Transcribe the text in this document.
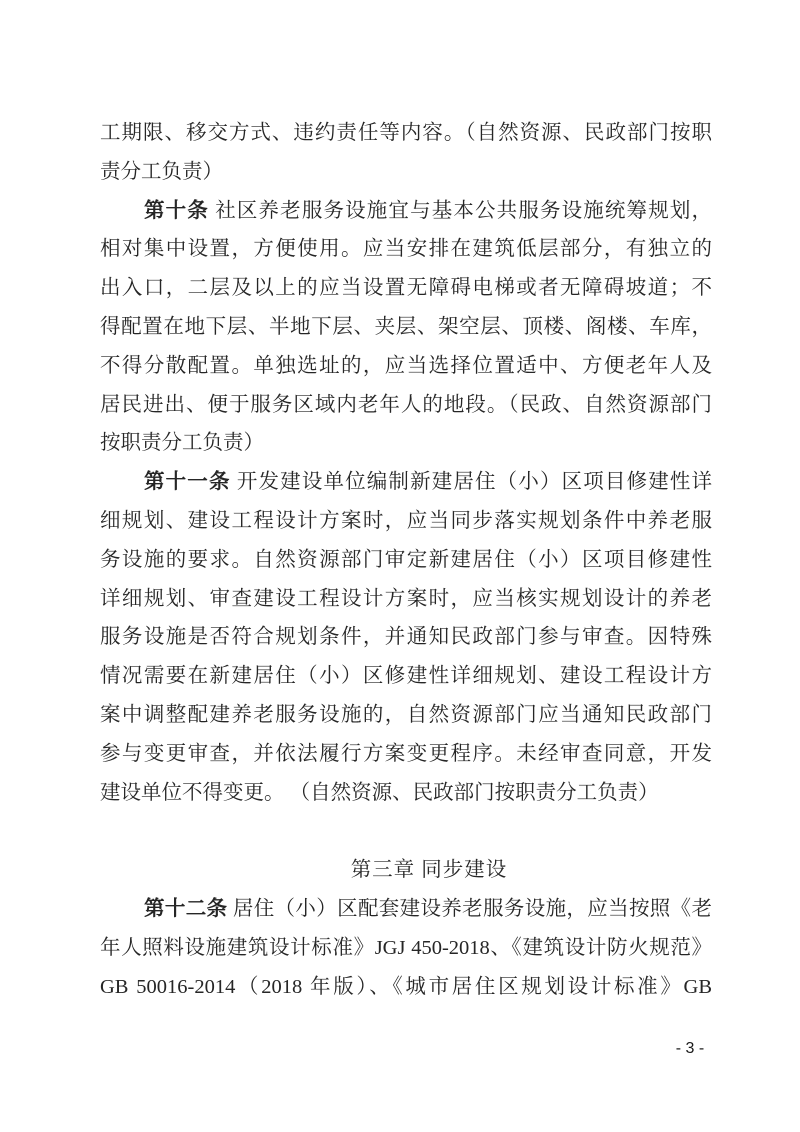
工期限、移交方式、违约责任等内容。（自然资源、民政部门按职

责分工负责）

第十条 社区养老服务设施宜与基本公共服务设施统筹规划，

相对集中设置，方便使用。应当安排在建筑低层部分，有独立的

出入口，二层及以上的应当设置无障碍电梯或者无障碍坡道；不

得配置在地下层、半地下层、夹层、架空层、顶楼、阁楼、车库，

不得分散配置。单独选址的，应当选择位置适中、方便老年人及

居民进出、便于服务区域内老年人的地段。（民政、自然资源部门

按职责分工负责）

第十一条 开发建设单位编制新建居住（小）区项目修建性详

细规划、建设工程设计方案时，应当同步落实规划条件中养老服

务设施的要求。自然资源部门审定新建居住（小）区项目修建性

详细规划、审查建设工程设计方案时，应当核实规划设计的养老

服务设施是否符合规划条件，并通知民政部门参与审查。因特殊

情况需要在新建居住（小）区修建性详细规划、建设工程设计方

案中调整配建养老服务设施的，自然资源部门应当通知民政部门

参与变更审查，并依法履行方案变更程序。未经审查同意，开发

建设单位不得变更。 （自然资源、民政部门按职责分工负责）

第三章 同步建设

第十二条 居住（小）区配套建设养老服务设施，应当按照《老

年人照料设施建筑设计标准》JGJ 450-2018、《建筑设计防火规范》

GB 50016-2014（2018 年版）、《城市居住区规划设计标准》GB

- 3 -
